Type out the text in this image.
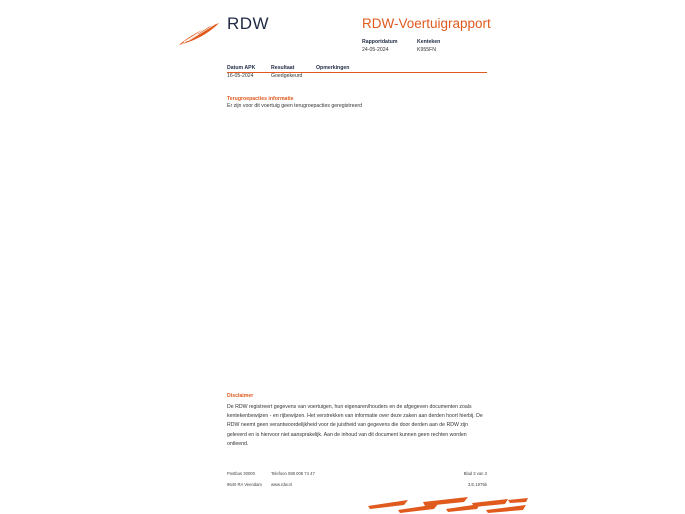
RDW	RDW-Voertuigrapport
Rapportdatum
24-05-2024
Kenteken
K955FN
Datum APK	Resultaat	Opmerkingen
16-05-2024	Goedgekeurd
Terugroepacties informatie
Er zijn voor dit voertuig geen terugroepacties geregistreerd
Disclaimer
De RDW registreert gegevens van voertuigen, hun eigenaren/houders en de afgegeven documenten zoals
kentekenbewijzen - en rijbewijzen. Het verstrekken van informatie over deze zaken aan derden hoort hierbij. De
RDW neemt geen verantwoordelijkheid voor de juistheid van gegevens die door derden aan de RDW zijn
geleverd en is hiervoor niet aansprakelijk. Aan de inhoud van dit document kunnen geen rechten worden
ontleend.
Postbus 30000
9640 RA Veendam
Telefoon 088 008 74 47
www.rdw.nl
Blad 3 van 3
3.E.1975b
